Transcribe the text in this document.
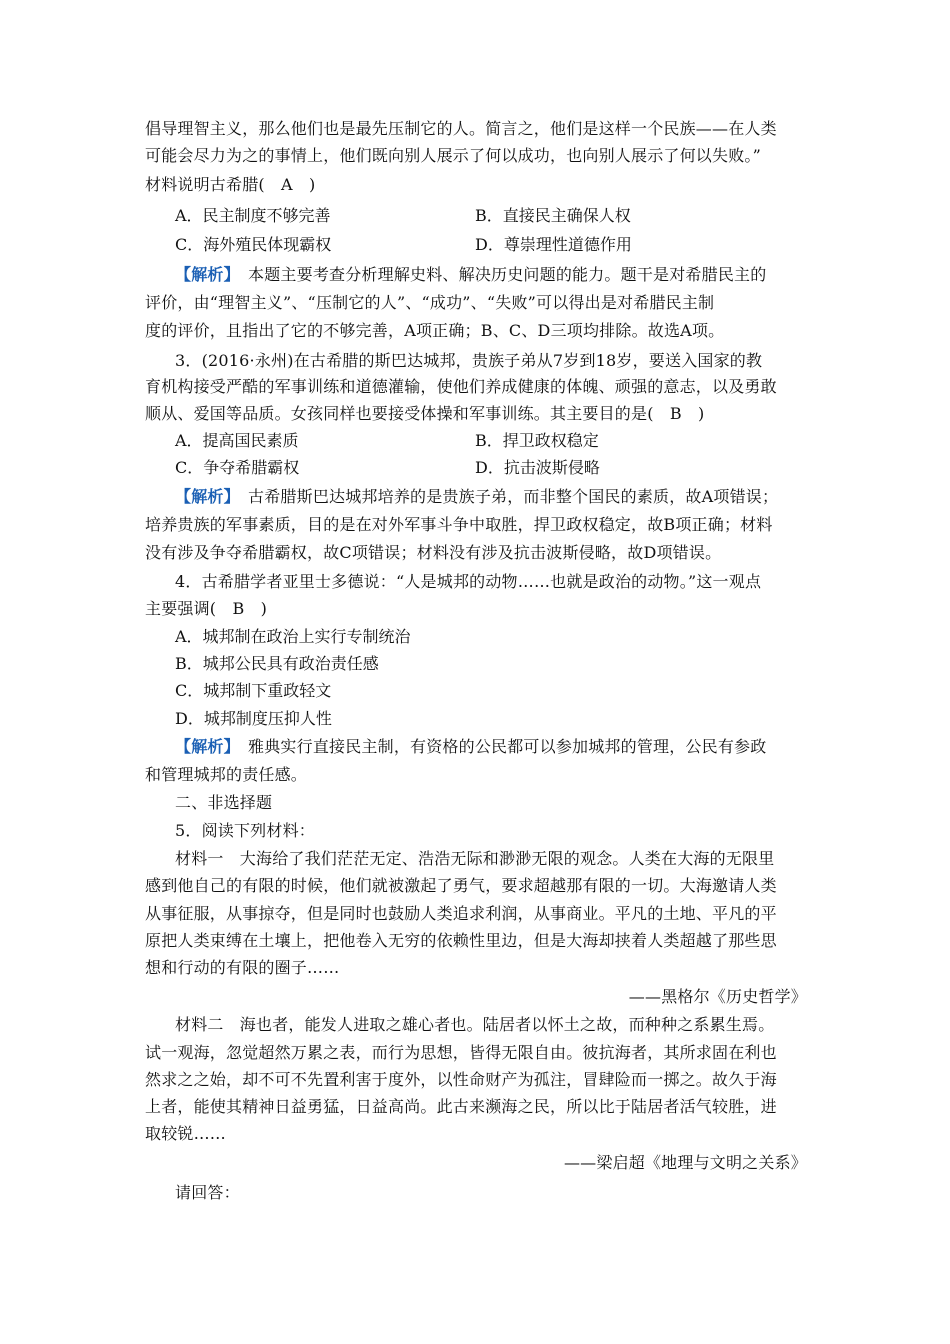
倡导理智主义，那么他们也是最先压制它的人。简言之，他们是这样一个民族——在人类
可能会尽力为之的事情上，他们既向别人展示了何以成功，也向别人展示了何以失败。”
材料说明古希腊(　A　)
A．民主制度不够完善	B．直接民主确保人权
C．海外殖民体现霸权	D．尊崇理性道德作用
【解析】　本题主要考查分析理解史料、解决历史问题的能力。题干是对希腊民主的
评价，由“理智主义”、“压制它的人”、“成功”、“失败”可以得出是对希腊民主制
度的评价，且指出了它的不够完善，A项正确；B、C、D三项均排除。故选A项。
3．(2016·永州)在古希腊的斯巴达城邦，贵族子弟从7岁到18岁，要送入国家的教
育机构接受严酷的军事训练和道德灌输，使他们养成健康的体魄、顽强的意志，以及勇敢
顺从、爱国等品质。女孩同样也要接受体操和军事训练。其主要目的是(　B　)
A．提高国民素质	B．捍卫政权稳定
C．争夺希腊霸权	D．抗击波斯侵略
【解析】　古希腊斯巴达城邦培养的是贵族子弟，而非整个国民的素质，故A项错误；
培养贵族的军事素质，目的是在对外军事斗争中取胜，捍卫政权稳定，故B项正确；材料
没有涉及争夺希腊霸权，故C项错误；材料没有涉及抗击波斯侵略，故D项错误。
4．古希腊学者亚里士多德说：“人是城邦的动物……也就是政治的动物。”这一观点
主要强调(　B　)
A．城邦制在政治上实行专制统治
B．城邦公民具有政治责任感
C．城邦制下重政轻文
D．城邦制度压抑人性
【解析】　雅典实行直接民主制，有资格的公民都可以参加城邦的管理，公民有参政
和管理城邦的责任感。
二、非选择题
5．阅读下列材料：
材料一　大海给了我们茫茫无定、浩浩无际和渺渺无限的观念。人类在大海的无限里
感到他自己的有限的时候，他们就被激起了勇气，要求超越那有限的一切。大海邀请人类
从事征服，从事掠夺，但是同时也鼓励人类追求利润，从事商业。平凡的土地、平凡的平
原把人类束缚在土壤上，把他卷入无穷的依赖性里边，但是大海却挟着人类超越了那些思
想和行动的有限的圈子……
——黑格尔《历史哲学》
材料二　海也者，能发人进取之雄心者也。陆居者以怀土之故，而种种之系累生焉。
试一观海，忽觉超然万累之表，而行为思想，皆得无限自由。彼抗海者，其所求固在利也
然求之之始，却不可不先置利害于度外，以性命财产为孤注，冒肆险而一掷之。故久于海
上者，能使其精神日益勇猛，日益高尚。此古来濒海之民，所以比于陆居者活气较胜，进
取较锐……
——梁启超《地理与文明之关系》
请回答：
